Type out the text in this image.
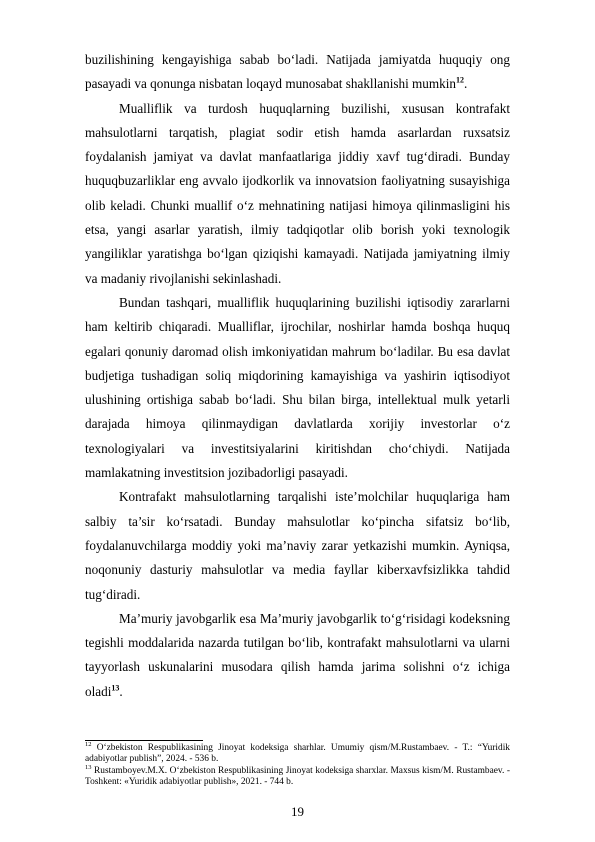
buzilishining kengayishiga sabab bo‘ladi. Natijada jamiyatda huquqiy ong pasayadi va qonunga nisbatan loqayd munosabat shakllanishi mumkin$^{12}$.

Mualliflik va turdosh huquqlarning buzilishi, xususan kontrafakt mahsulotlarni tarqatish, plagiat sodir etish hamda asarlardan ruxsatsiz foydalanish jamiyat va davlat manfaatlariga jiddiy xavf tug‘diradi. Bunday huquqbuzarliklar eng avvalo ijodkorlik va innovatsion faoliyatning susayishiga olib keladi. Chunki muallif o‘z mehnatining natijasi himoya qilinmasligini his etsa, yangi asarlar yaratish, ilmiy tadqiqotlar olib borish yoki texnologik yangiliklar yaratishga bo‘lgan qiziqishi kamayadi. Natijada jamiyatning ilmiy va madaniy rivojlanishi sekinlashadi.

Bundan tashqari, mualliflik huquqlarining buzilishi iqtisodiy zararlarni ham keltirib chiqaradi. Mualliflar, ijrochilar, noshirlar hamda boshqa huquq egalari qonuniy daromad olish imkoniyatidan mahrum bo‘ladilar. Bu esa davlat budjetiga tushadigan soliq miqdorining kamayishiga va yashirin iqtisodiyot ulushining ortishiga sabab bo‘ladi. Shu bilan birga, intellektual mulk yetarli darajada himoya qilinmaydigan davlatlarda xorijiy investorlar o‘z texnologiyalari va investitsiyalarini kiritishdan cho‘chiydi. Natijada mamlakatning investitsion jozibadorligi pasayadi.

Kontrafakt mahsulotlarning tarqalishi iste’molchilar huquqlariga ham salbiy ta’sir ko‘rsatadi. Bunday mahsulotlar ko‘pincha sifatsiz bo‘lib, foydalanuvchilarga moddiy yoki ma’naviy zarar yetkazishi mumkin. Ayniqsa, noqonuniy dasturiy mahsulotlar va media fayllar kiberxavfsizlikka tahdid tug‘diradi.

Ma’muriy javobgarlik esa Ma’muriy javobgarlik to‘g‘risidagi kodeksning tegishli moddalarida nazarda tutilgan bo‘lib, kontrafakt mahsulotlarni va ularni tayyorlash uskunalarini musodara qilish hamda jarima solishni o‘z ichiga oladi$^{13}$.

$^{12}$ O‘zbekiston Respublikasining Jinoyat kodeksiga sharhlar. Umumiy qism/M.Rustambaev. - T.: “Yuridik adabiyotlar publish”, 2024. - 536 b.

$^{13}$ Rustamboyev.M.X. O‘zbekiston Respublikasining Jinoyat kodeksiga sharxlar. Maxsus kism/M. Rustambaev. - Toshkent: «Yuridik adabiyotlar publish», 2021. - 744 b.

19
